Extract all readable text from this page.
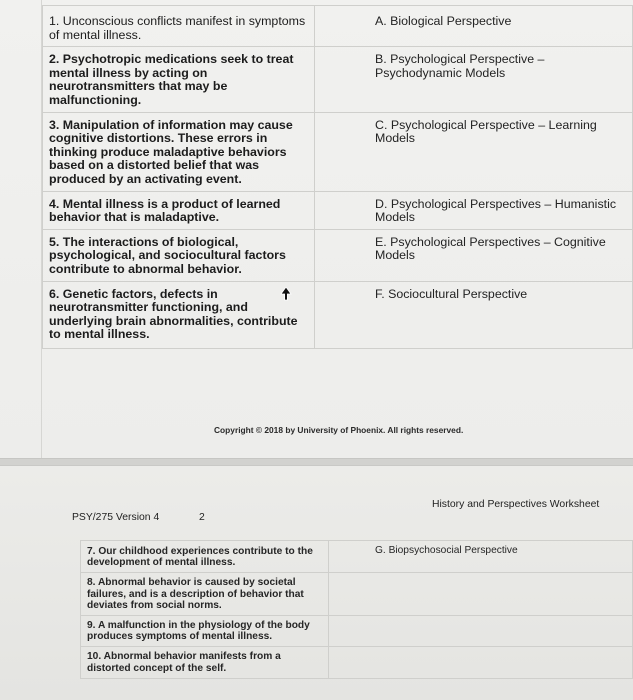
1. Unconscious conflicts manifest in symptoms of mental illness.	A. Biological Perspective
2. Psychotropic medications seek to treat mental illness by acting on neurotransmitters that may be malfunctioning.	B. Psychological Perspective – Psychodynamic Models
3. Manipulation of information may cause cognitive distortions. These errors in thinking produce maladaptive behaviors based on a distorted belief that was produced by an activating event.	C. Psychological Perspective – Learning Models
4. Mental illness is a product of learned behavior that is maladaptive.	D. Psychological Perspectives – Humanistic Models
5. The interactions of biological, psychological, and sociocultural factors contribute to abnormal behavior.	E. Psychological Perspectives – Cognitive Models
6. Genetic factors, defects in neurotransmitter functioning, and underlying brain abnormalities, contribute to mental illness.	F. Sociocultural Perspective
Copyright © 2018 by University of Phoenix. All rights reserved.
History and Perspectives Worksheet
PSY/275 Version 4	2
7. Our childhood experiences contribute to the development of mental illness.	G. Biopsychosocial Perspective
8. Abnormal behavior is caused by societal failures, and is a description of behavior that deviates from social norms.	
9. A malfunction in the physiology of the body produces symptoms of mental illness.	
10. Abnormal behavior manifests from a distorted concept of the self.	
